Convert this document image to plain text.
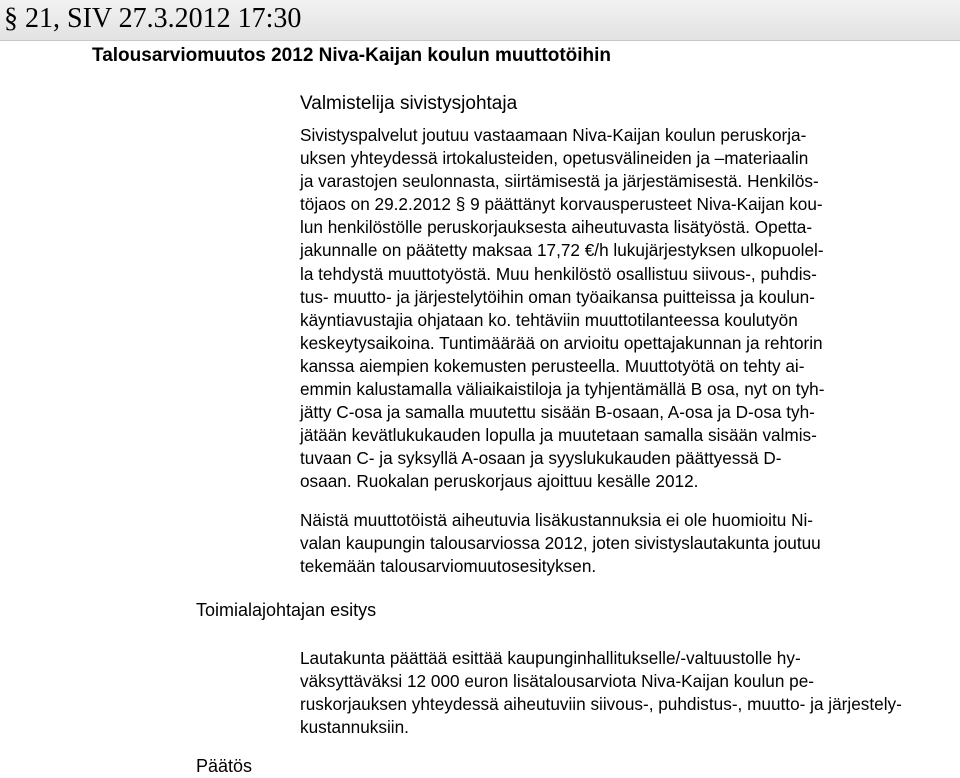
§ 21, SIV 27.3.2012 17:30
Talousarviomuutos 2012 Niva-Kaijan koulun muuttotöihin
Valmistelija sivistysjohtaja
Sivistyspalvelut joutuu vastaamaan Niva-Kaijan koulun peruskorja-
uksen yhteydessä irtokalusteiden, opetusvälineiden ja –materiaalin
ja varastojen seulonnasta, siirtämisestä ja järjestämisestä. Henkilös-
töjaos on 29.2.2012 § 9 päättänyt korvausperusteet Niva-Kaijan kou-
lun henkilöstölle peruskorjauksesta aiheutuvasta lisätyöstä. Opetta-
jakunnalle on päätetty maksaa 17,72 €/h lukujärjestyksen ulkopuolel-
la tehdystä muuttotyöstä. Muu henkilöstö osallistuu siivous-, puhdis-
tus- muutto- ja järjestelytöihin oman työaikansa puitteissa ja koulun-
käyntiavustajia ohjataan ko. tehtäviin muuttotilanteessa koulutyön
keskeytysaikoina. Tuntimäärää on arvioitu opettajakunnan ja rehtorin
kanssa aiempien kokemusten perusteella. Muuttotyötä on tehty ai-
emmin kalustamalla väliaikaistiloja ja tyhjentämällä B osa, nyt on tyh-
jätty C-osa ja samalla muutettu sisään B-osaan, A-osa ja D-osa tyh-
jätään kevätlukukauden lopulla ja muutetaan samalla sisään valmis-
tuvaan C- ja syksyllä A-osaan ja syyslukukauden päättyessä D-
osaan. Ruokalan peruskorjaus ajoittuu kesälle 2012.
Näistä muuttotöistä aiheutuvia lisäkustannuksia ei ole huomioitu Ni-
valan kaupungin talousarviossa 2012, joten sivistyslautakunta joutuu
tekemään talousarviomuutosesityksen.
Toimialajohtajan esitys
Lautakunta päättää esittää kaupunginhallitukselle/-valtuustolle hy-
väksyttäväksi 12 000 euron lisätalousarviota Niva-Kaijan koulun pe-
ruskorjauksen yhteydessä aiheutuviin siivous-, puhdistus-, muutto- ja järjestely-
kustannuksiin.
Päätös
